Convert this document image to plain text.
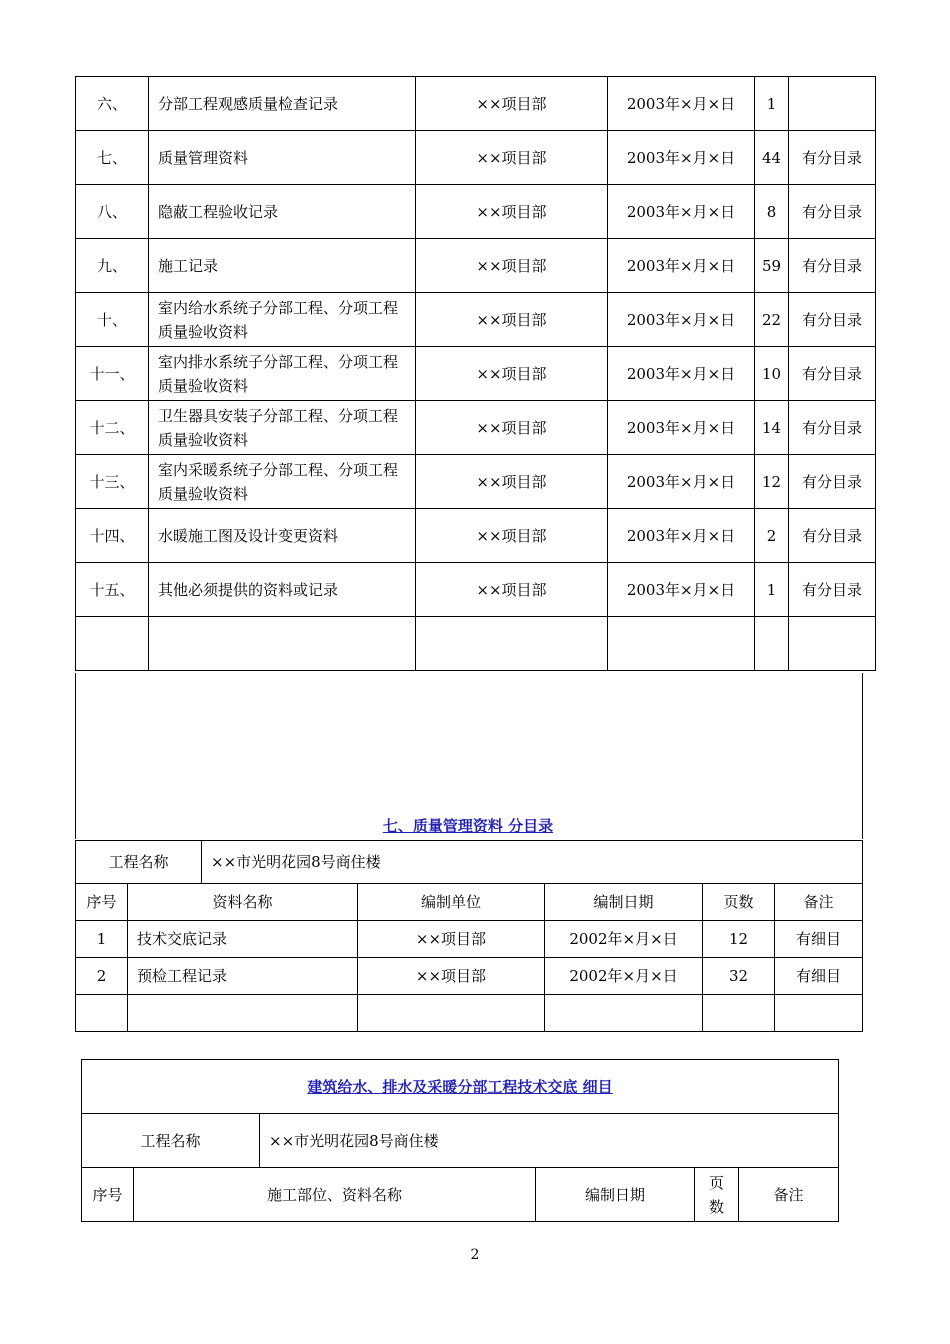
六、	分部工程观感质量检查记录	××项目部	2003年×月×日	1	
七、	质量管理资料	××项目部	2003年×月×日	44	有分目录
八、	隐蔽工程验收记录	××项目部	2003年×月×日	8	有分目录
九、	施工记录	××项目部	2003年×月×日	59	有分目录
十、	室内给水系统子分部工程、分项工程质量验收资料	××项目部	2003年×月×日	22	有分目录
十一、	室内排水系统子分部工程、分项工程质量验收资料	××项目部	2003年×月×日	10	有分目录
十二、	卫生器具安装子分部工程、分项工程质量验收资料	××项目部	2003年×月×日	14	有分目录
十三、	室内采暖系统子分部工程、分项工程质量验收资料	××项目部	2003年×月×日	12	有分目录
十四、	水暖施工图及设计变更资料	××项目部	2003年×月×日	2	有分目录
十五、	其他必须提供的资料或记录	××项目部	2003年×月×日	1	有分目录

七、质量管理资料 分目录
工程名称	××市光明花园8号商住楼
序号	资料名称	编制单位	编制日期	页数	备注
1	技术交底记录	××项目部	2002年×月×日	12	有细目
2	预检工程记录	××项目部	2002年×月×日	32	有细目

建筑给水、排水及采暖分部工程技术交底 细目					
工程名称		××市光明花园8号商住楼			
序号	施工部位、资料名称		编制日期	页数	备注
2
